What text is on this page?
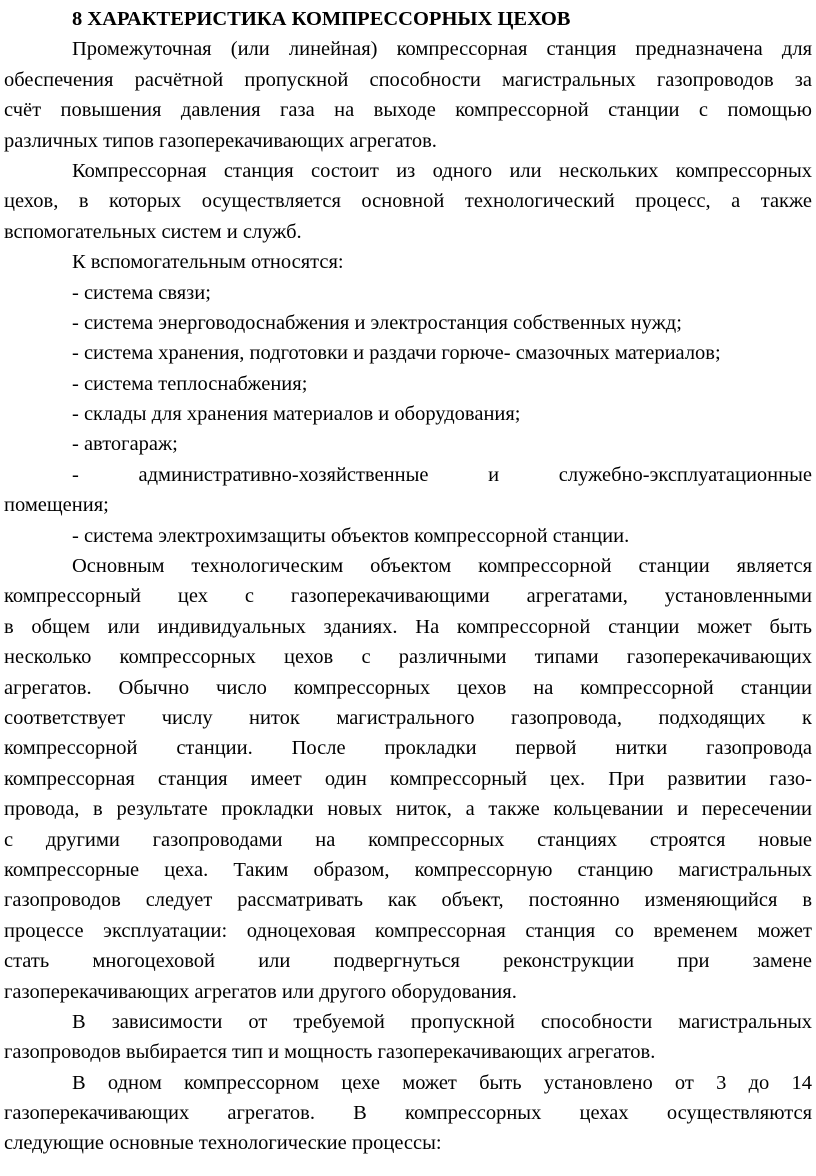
8 ХАРАКТЕРИСТИКА КОМПРЕССОРНЫХ ЦЕХОВ
Промежуточная (или линейная) компрессорная станция предназначена для
обеспечения расчётной пропускной способности магистральных газопроводов за
счёт повышения давления газа на выходе компрессорной станции с помощью
различных типов газоперекачивающих агрегатов.
Компрессорная станция состоит из одного или нескольких компрессорных
цехов, в которых осуществляется основной технологический процесс, а также
вспомогательных систем и служб.
К вспомогательным относятся:
- система связи;
- система энерговодоснабжения и электростанция собственных нужд;
- система хранения, подготовки и раздачи горюче- смазочных материалов;
- система теплоснабжения;
- склады для хранения материалов и оборудования;
- автогараж;
- административно-хозяйственные и служебно-эксплуатационные
помещения;
- система электрохимзащиты объектов компрессорной станции.
Основным технологическим объектом компрессорной станции является
компрессорный цех с газоперекачивающими агрегатами, установленными
в общем или индивидуальных зданиях. На компрессорной станции может быть
несколько компрессорных цехов с различными типами газоперекачивающих
агрегатов. Обычно число компрессорных цехов на компрессорной станции
соответствует числу ниток магистрального газопровода, подходящих к
компрессорной станции. После прокладки первой нитки газопровода
компрессорная станция имеет один компрессорный цех. При развитии газо-
провода, в результате прокладки новых ниток, а также кольцевании и пересечении
с другими газопроводами на компрессорных станциях строятся новые
компрессорные цеха. Таким образом, компрессорную станцию магистральных
газопроводов следует рассматривать как объект, постоянно изменяющийся в
процессе эксплуатации: одноцеховая компрессорная станция со временем может
стать многоцеховой или подвергнуться реконструкции при замене
газоперекачивающих агрегатов или другого оборудования.
В зависимости от требуемой пропускной способности магистральных
газопроводов выбирается тип и мощность газоперекачивающих агрегатов.
В одном компрессорном цехе может быть установлено от 3 до 14
газоперекачивающих агрегатов. В компрессорных цехах осуществляются
следующие основные технологические процессы:
